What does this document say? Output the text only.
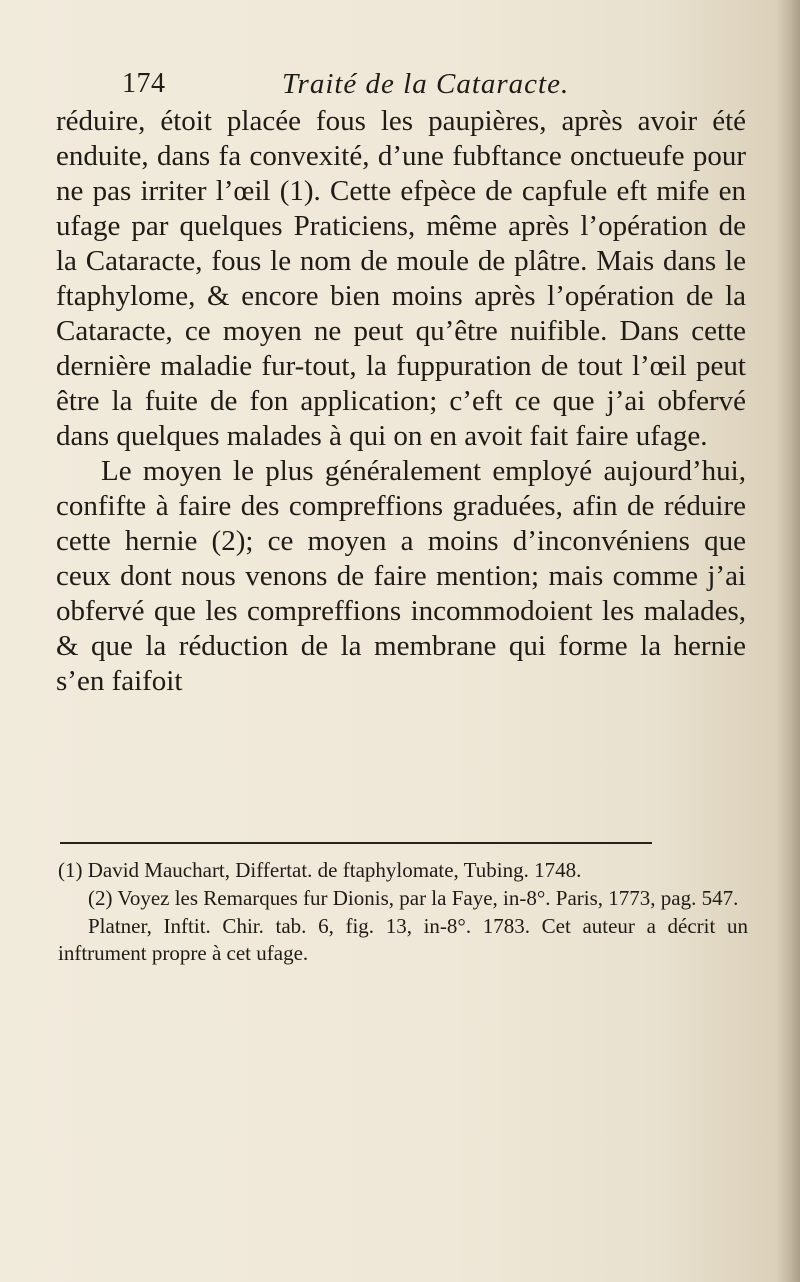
174	Traité de la Cataracte.

réduire, étoit placée fous les paupières, après avoir été enduite, dans fa convexité, d’une fubftance onctueufe pour ne pas irriter l’œil (1). Cette efpèce de capfule eft mife en ufage par quelques Praticiens, même après l’opération de la Cataracte, fous le nom de moule de plâtre. Mais dans le ftaphylome, & encore bien moins après l’opération de la Cataracte, ce moyen ne peut qu’être nuifible. Dans cette dernière maladie fur-tout, la fuppuration de tout l’œil peut être la fuite de fon application; c’eft ce que j’ai obfervé dans quelques malades à qui on en avoit fait faire ufage.

Le moyen le plus généralement employé aujourd’hui, confifte à faire des compreffions graduées, afin de réduire cette hernie (2); ce moyen a moins d’inconvéniens que ceux dont nous venons de faire mention; mais comme j’ai obfervé que les compreffions incommodoient les malades, & que la réduction de la membrane qui forme la hernie s’en faifoit

(1) David Mauchart, Differtat. de ftaphylomate, Tubing. 1748.

(2) Voyez les Remarques fur Dionis, par la Faye, in-8°. Paris, 1773, pag. 547.

Platner, Inftit. Chir. tab. 6, fig. 13, in-8°. 1783. Cet auteur a décrit un inftrument propre à cet ufage.
